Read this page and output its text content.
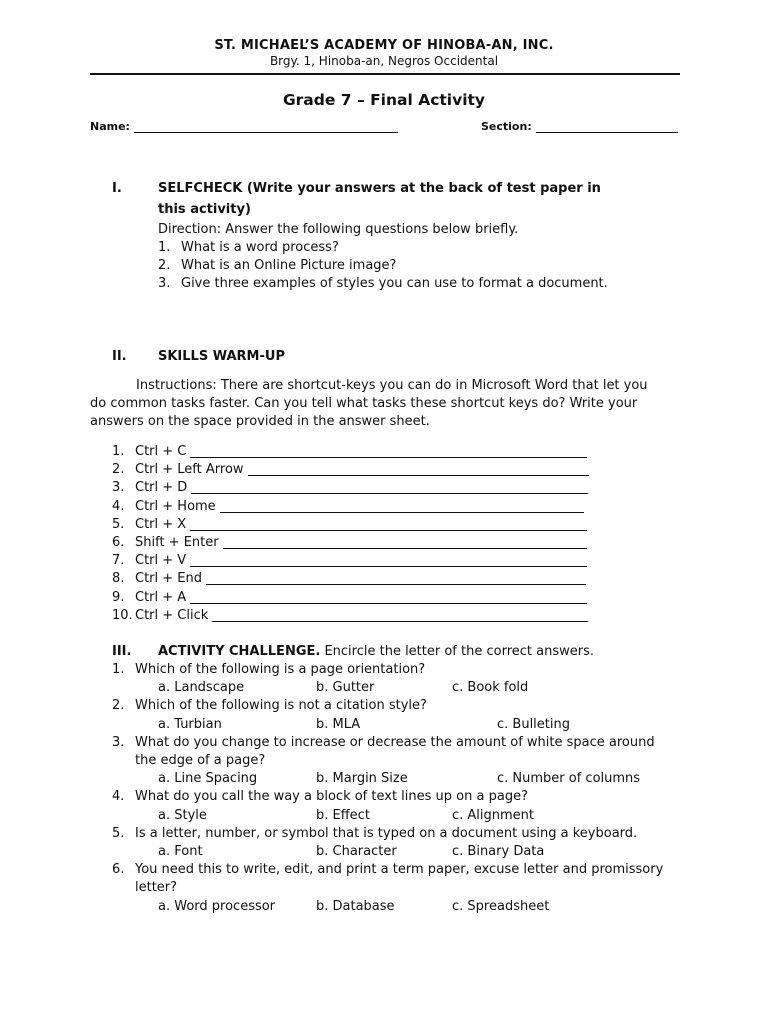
ST. MICHAEL’S ACADEMY OF HINOBA-AN, INC.
Brgy. 1, Hinoba-an, Negros Occidental
Grade 7 – Final Activity
Name:	Section:
I.	SELFCHECK (Write your answers at the back of test paper in
this activity)
Direction: Answer the following questions below briefly.
1. What is a word process?
2. What is an Online Picture image?
3. Give three examples of styles you can use to format a document.
II. SKILLS WARM-UP
Instructions: There are shortcut-keys you can do in Microsoft Word that let you
do common tasks faster. Can you tell what tasks these shortcut keys do? Write your
answers on the space provided in the answer sheet.
1. Ctrl + C
2. Ctrl + Left Arrow
3. Ctrl + D
4. Ctrl + Home
5. Ctrl + X
6. Shift + Enter
7. Ctrl + V
8. Ctrl + End
9. Ctrl + A
10. Ctrl + Click
III. ACTIVITY CHALLENGE. Encircle the letter of the correct answers.
1. Which of the following is a page orientation?
a. Landscape	b. Gutter	c. Book fold
2. Which of the following is not a citation style?
a. Turbian	b. MLA	c. Bulleting
3. What do you change to increase or decrease the amount of white space around
the edge of a page?
a. Line Spacing	b. Margin Size	c. Number of columns
4. What do you call the way a block of text lines up on a page?
a. Style	b. Effect	c. Alignment
5. Is a letter, number, or symbol that is typed on a document using a keyboard.
a. Font	b. Character	c. Binary Data
6. You need this to write, edit, and print a term paper, excuse letter and promissory
letter?
a. Word processor	b. Database	c. Spreadsheet
